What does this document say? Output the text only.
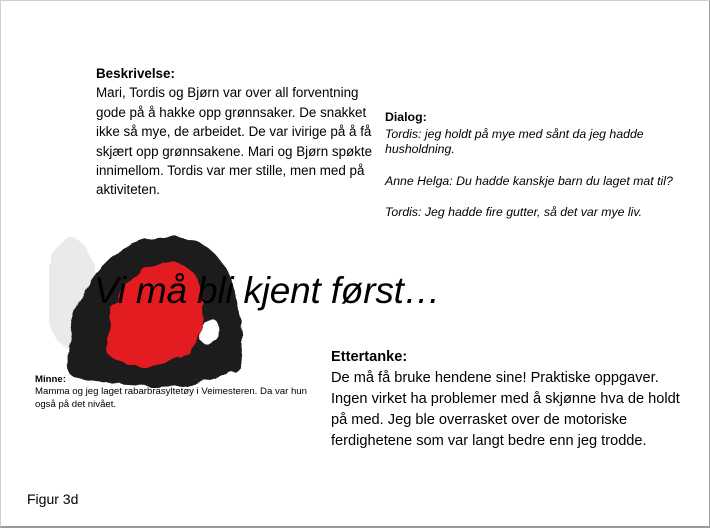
Beskrivelse:
Mari, Tordis og Bjørn var over all forventning gode på å hakke opp grønnsaker. De snakket ikke så mye, de arbeidet. De var ivirige på å få skjært opp grønnsakene. Mari og Bjørn spøkte innimellom. Tordis var mer stille, men med på aktiviteten.
Dialog:

Tordis: jeg holdt på mye med sånt da jeg hadde husholdning.

Anne Helga: Du hadde kanskje barn du laget mat til?

Tordis: Jeg hadde fire gutter, så det var mye liv.

Vi må bli kjent først…
Minne:
Mamma og jeg laget rabarbrasyltetøy i Veimesteren. Da var hun også på det nivået.
Ettertanke:
De må få bruke hendene sine! Praktiske oppgaver. Ingen virket ha problemer med å skjønne hva de holdt på med. Jeg ble overrasket over de motoriske ferdighetene som var langt bedre enn jeg trodde.
Figur 3d
